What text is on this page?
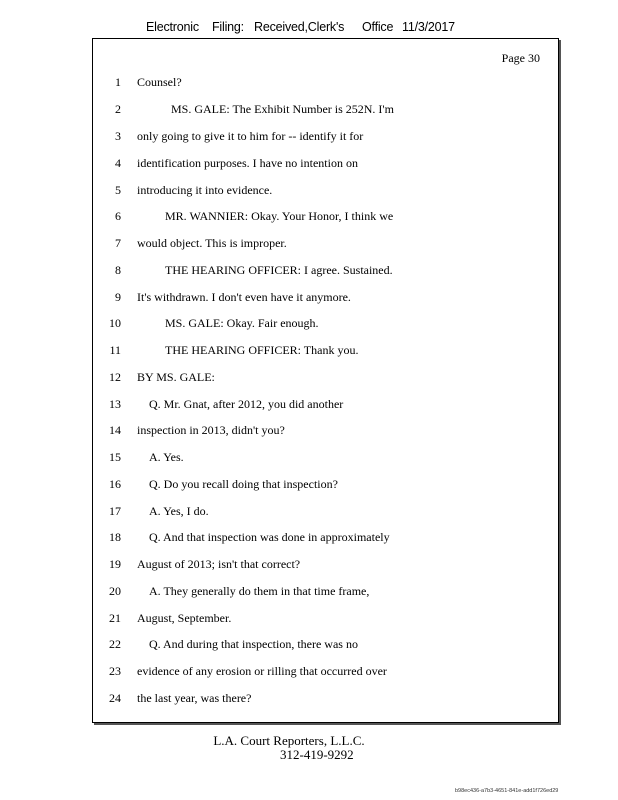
Electronic Filing: Received,Clerk's Office 11/3/2017
Page 30
1 Counsel?
2	MS. GALE: The Exhibit Number is 252N. I'm
3 only going to give it to him for -- identify it for
4 identification purposes. I have no intention on
5 introducing it into evidence.
6	MR. WANNIER: Okay. Your Honor, I think we
7 would object. This is improper.
8	THE HEARING OFFICER: I agree. Sustained.
9 It's withdrawn. I don't even have it anymore.
10	MS. GALE: Okay. Fair enough.
11	THE HEARING OFFICER: Thank you.
12 BY MS. GALE:
13 Q. Mr. Gnat, after 2012, you did another
14 inspection in 2013, didn't you?
15 A. Yes.
16 Q. Do you recall doing that inspection?
17 A. Yes, I do.
18 Q. And that inspection was done in approximately
19 August of 2013; isn't that correct?
20 A. They generally do them in that time frame,
21 August, September.
22 Q. And during that inspection, there was no
23 evidence of any erosion or rilling that occurred over
24 the last year, was there?
L.A. Court Reporters, L.L.C.
312-419-9292
b98ec436-a7b3-4651-841e-add1f726ed29
